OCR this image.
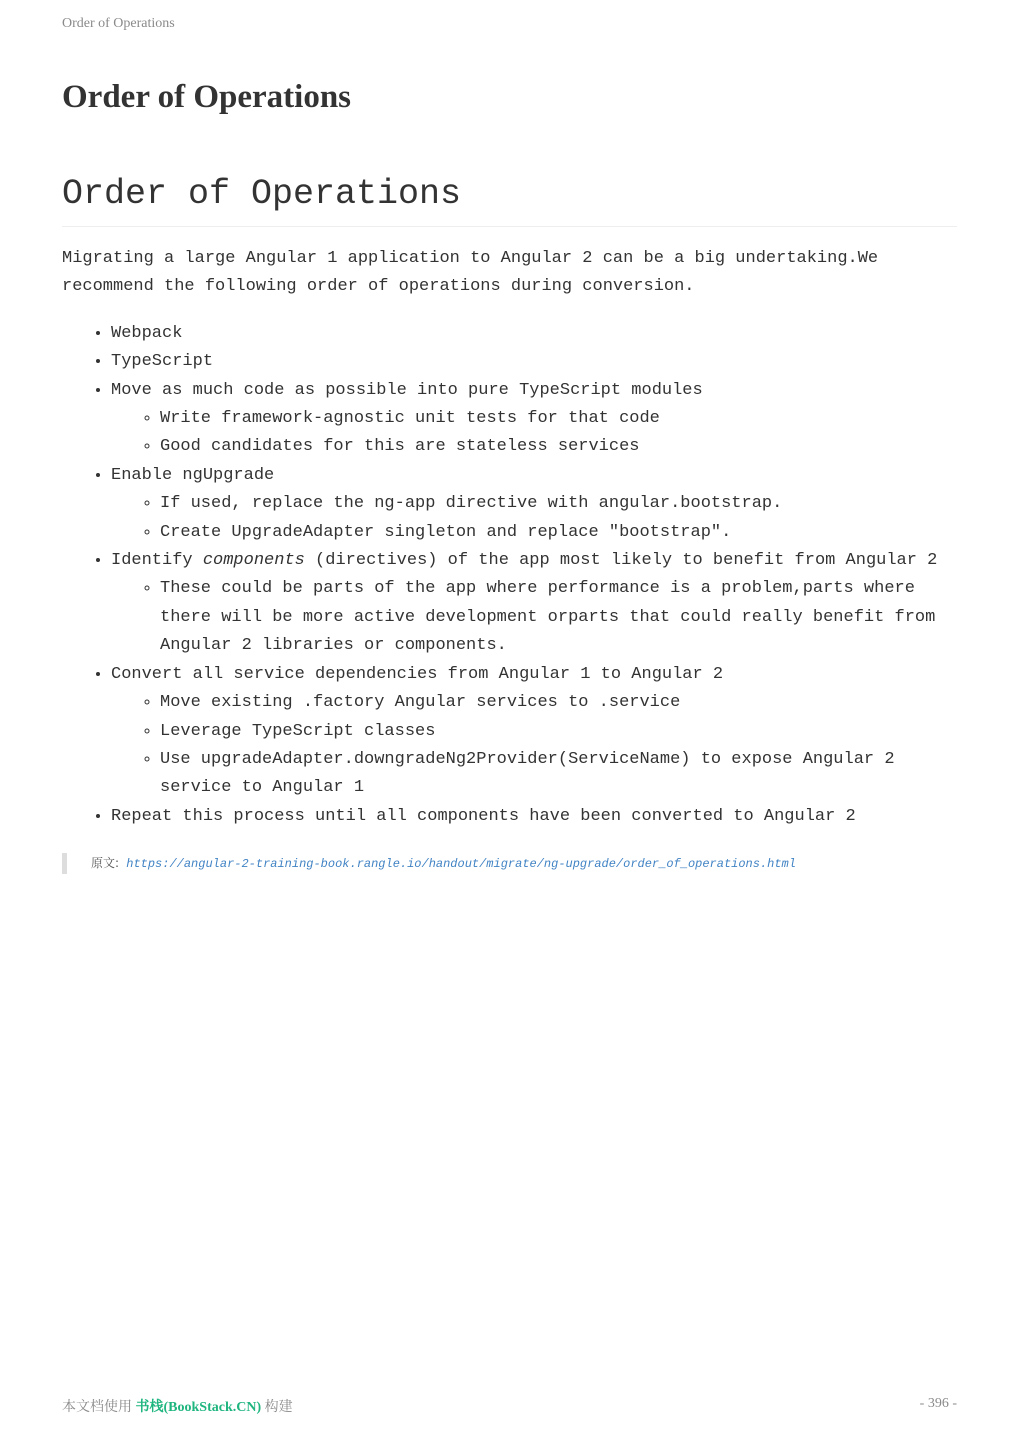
Order of Operations
Order of Operations
Order of Operations

Migrating a large Angular 1 application to Angular 2 can be a big undertaking.We recommend the following order of operations during conversion.

• Webpack
• TypeScript
• Move as much code as possible into pure TypeScript modules
◦ Write framework-agnostic unit tests for that code
◦ Good candidates for this are stateless services
• Enable ngUpgrade
◦ If used, replace the ng-app directive with angular.bootstrap.
◦ Create UpgradeAdapter singleton and replace "bootstrap".
• Identify components (directives) of the app most likely to benefit from Angular 2
◦ These could be parts of the app where performance is a problem,parts where there will be more active development orparts that could really benefit from Angular 2 libraries or components.
• Convert all service dependencies from Angular 1 to Angular 2
◦ Move existing .factory Angular services to .service
◦ Leverage TypeScript classes
◦ Use upgradeAdapter.downgradeNg2Provider(ServiceName) to expose Angular 2 service to Angular 1
• Repeat this process until all components have been converted to Angular 2
原文: https://angular-2-training-book.rangle.io/handout/migrate/ng-upgrade/order_of_operations.html
本文档使用 书栈(BookStack.CN) 构建	- 396 -
